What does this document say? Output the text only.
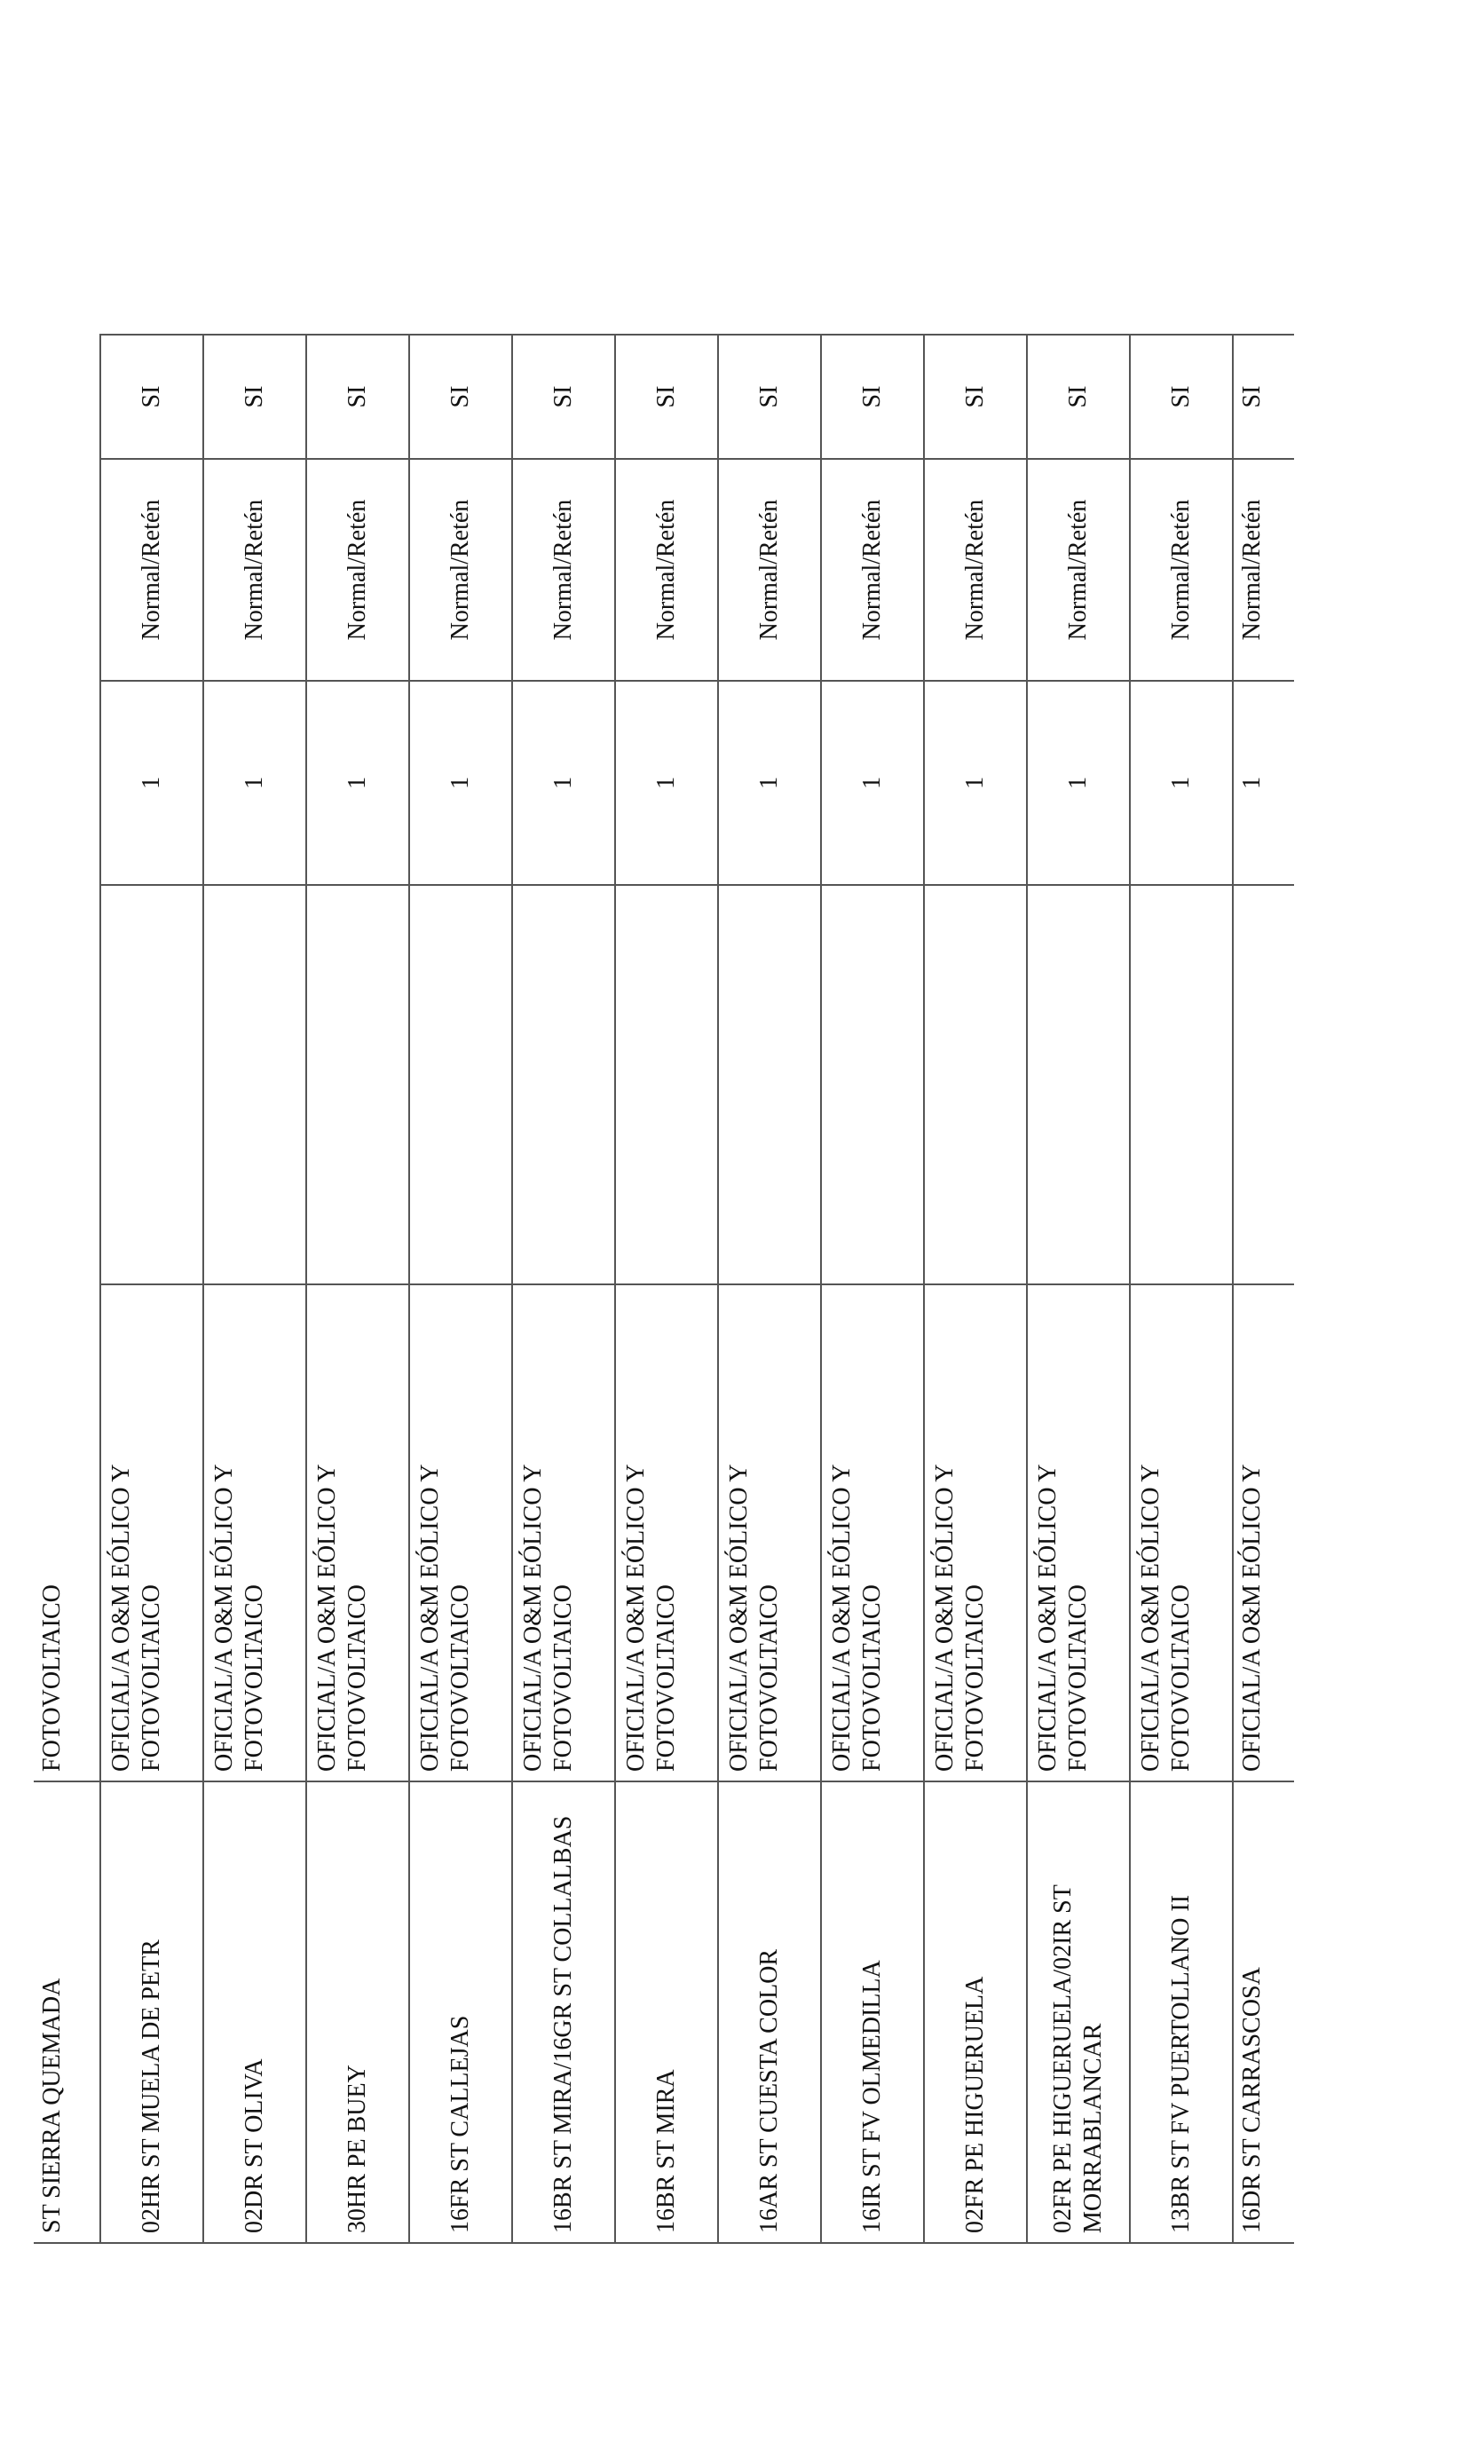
ST SIERRA QUEMADA	FOTOVOLTAICO				
02HR ST MUELA DE PETR	OFICIAL/A O&M EÓLICO Y FOTOVOLTAICO		1	Normal/Retén	SI
02DR ST OLIVA	OFICIAL/A O&M EÓLICO Y FOTOVOLTAICO		1	Normal/Retén	SI
30HR PE BUEY	OFICIAL/A O&M EÓLICO Y FOTOVOLTAICO		1	Normal/Retén	SI
16FR ST CALLEJAS	OFICIAL/A O&M EÓLICO Y FOTOVOLTAICO		1	Normal/Retén	SI
16BR ST MIRA/16GR ST COLLALBAS	OFICIAL/A O&M EÓLICO Y FOTOVOLTAICO		1	Normal/Retén	SI
16BR ST MIRA	OFICIAL/A O&M EÓLICO Y FOTOVOLTAICO		1	Normal/Retén	SI
16AR ST CUESTA COLOR	OFICIAL/A O&M EÓLICO Y FOTOVOLTAICO		1	Normal/Retén	SI
16IR ST FV OLMEDILLA	OFICIAL/A O&M EÓLICO Y FOTOVOLTAICO		1	Normal/Retén	SI
02FR PE HIGUERUELA	OFICIAL/A O&M EÓLICO Y FOTOVOLTAICO		1	Normal/Retén	SI
02FR PE HIGUERUELA/02IR ST MORRABLANCAR	OFICIAL/A O&M EÓLICO Y FOTOVOLTAICO		1	Normal/Retén	SI
13BR ST FV PUERTOLLANO II	OFICIAL/A O&M EÓLICO Y FOTOVOLTAICO		1	Normal/Retén	SI
16DR ST CARRASCOSA	OFICIAL/A O&M EÓLICO Y		1	Normal/Retén	SI
